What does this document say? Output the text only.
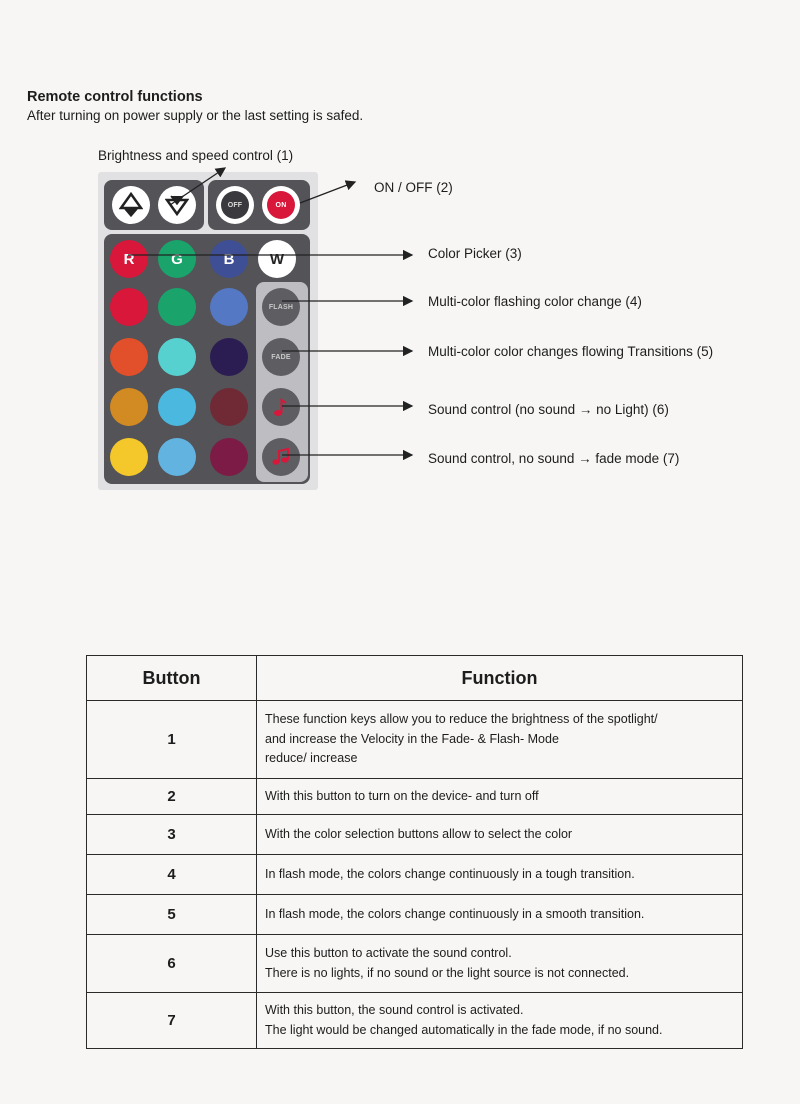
Remote control functions
After turning on power supply or the last setting is safed.
Brightness and speed control (1)
ON / OFF (2)
Color Picker (3)
Multi-color flashing color change (4)
Multi-color color changes flowing Transitions (5)
Sound control (no sound → no Light) (6)
Sound control, no sound → fade mode (7)
OFF	ON
R G	B W
FLASH
FADE
Button	Function
1	These function keys allow you to reduce the brightness of the spotlight/
and increase the Velocity in the Fade- & Flash- Mode
reduce/ increase

2	With this button to turn on the device- and turn off

3	With the color selection buttons allow to select the color

4	In flash mode, the colors change continuously in a tough transition.

5	In flash mode, the colors change continuously in a smooth transition.

6	Use this button to activate the sound control.
There is no lights, if no sound or the light source is not connected.

7	With this button, the sound control is activated.
The light would be changed automatically in the fade mode, if no sound.
